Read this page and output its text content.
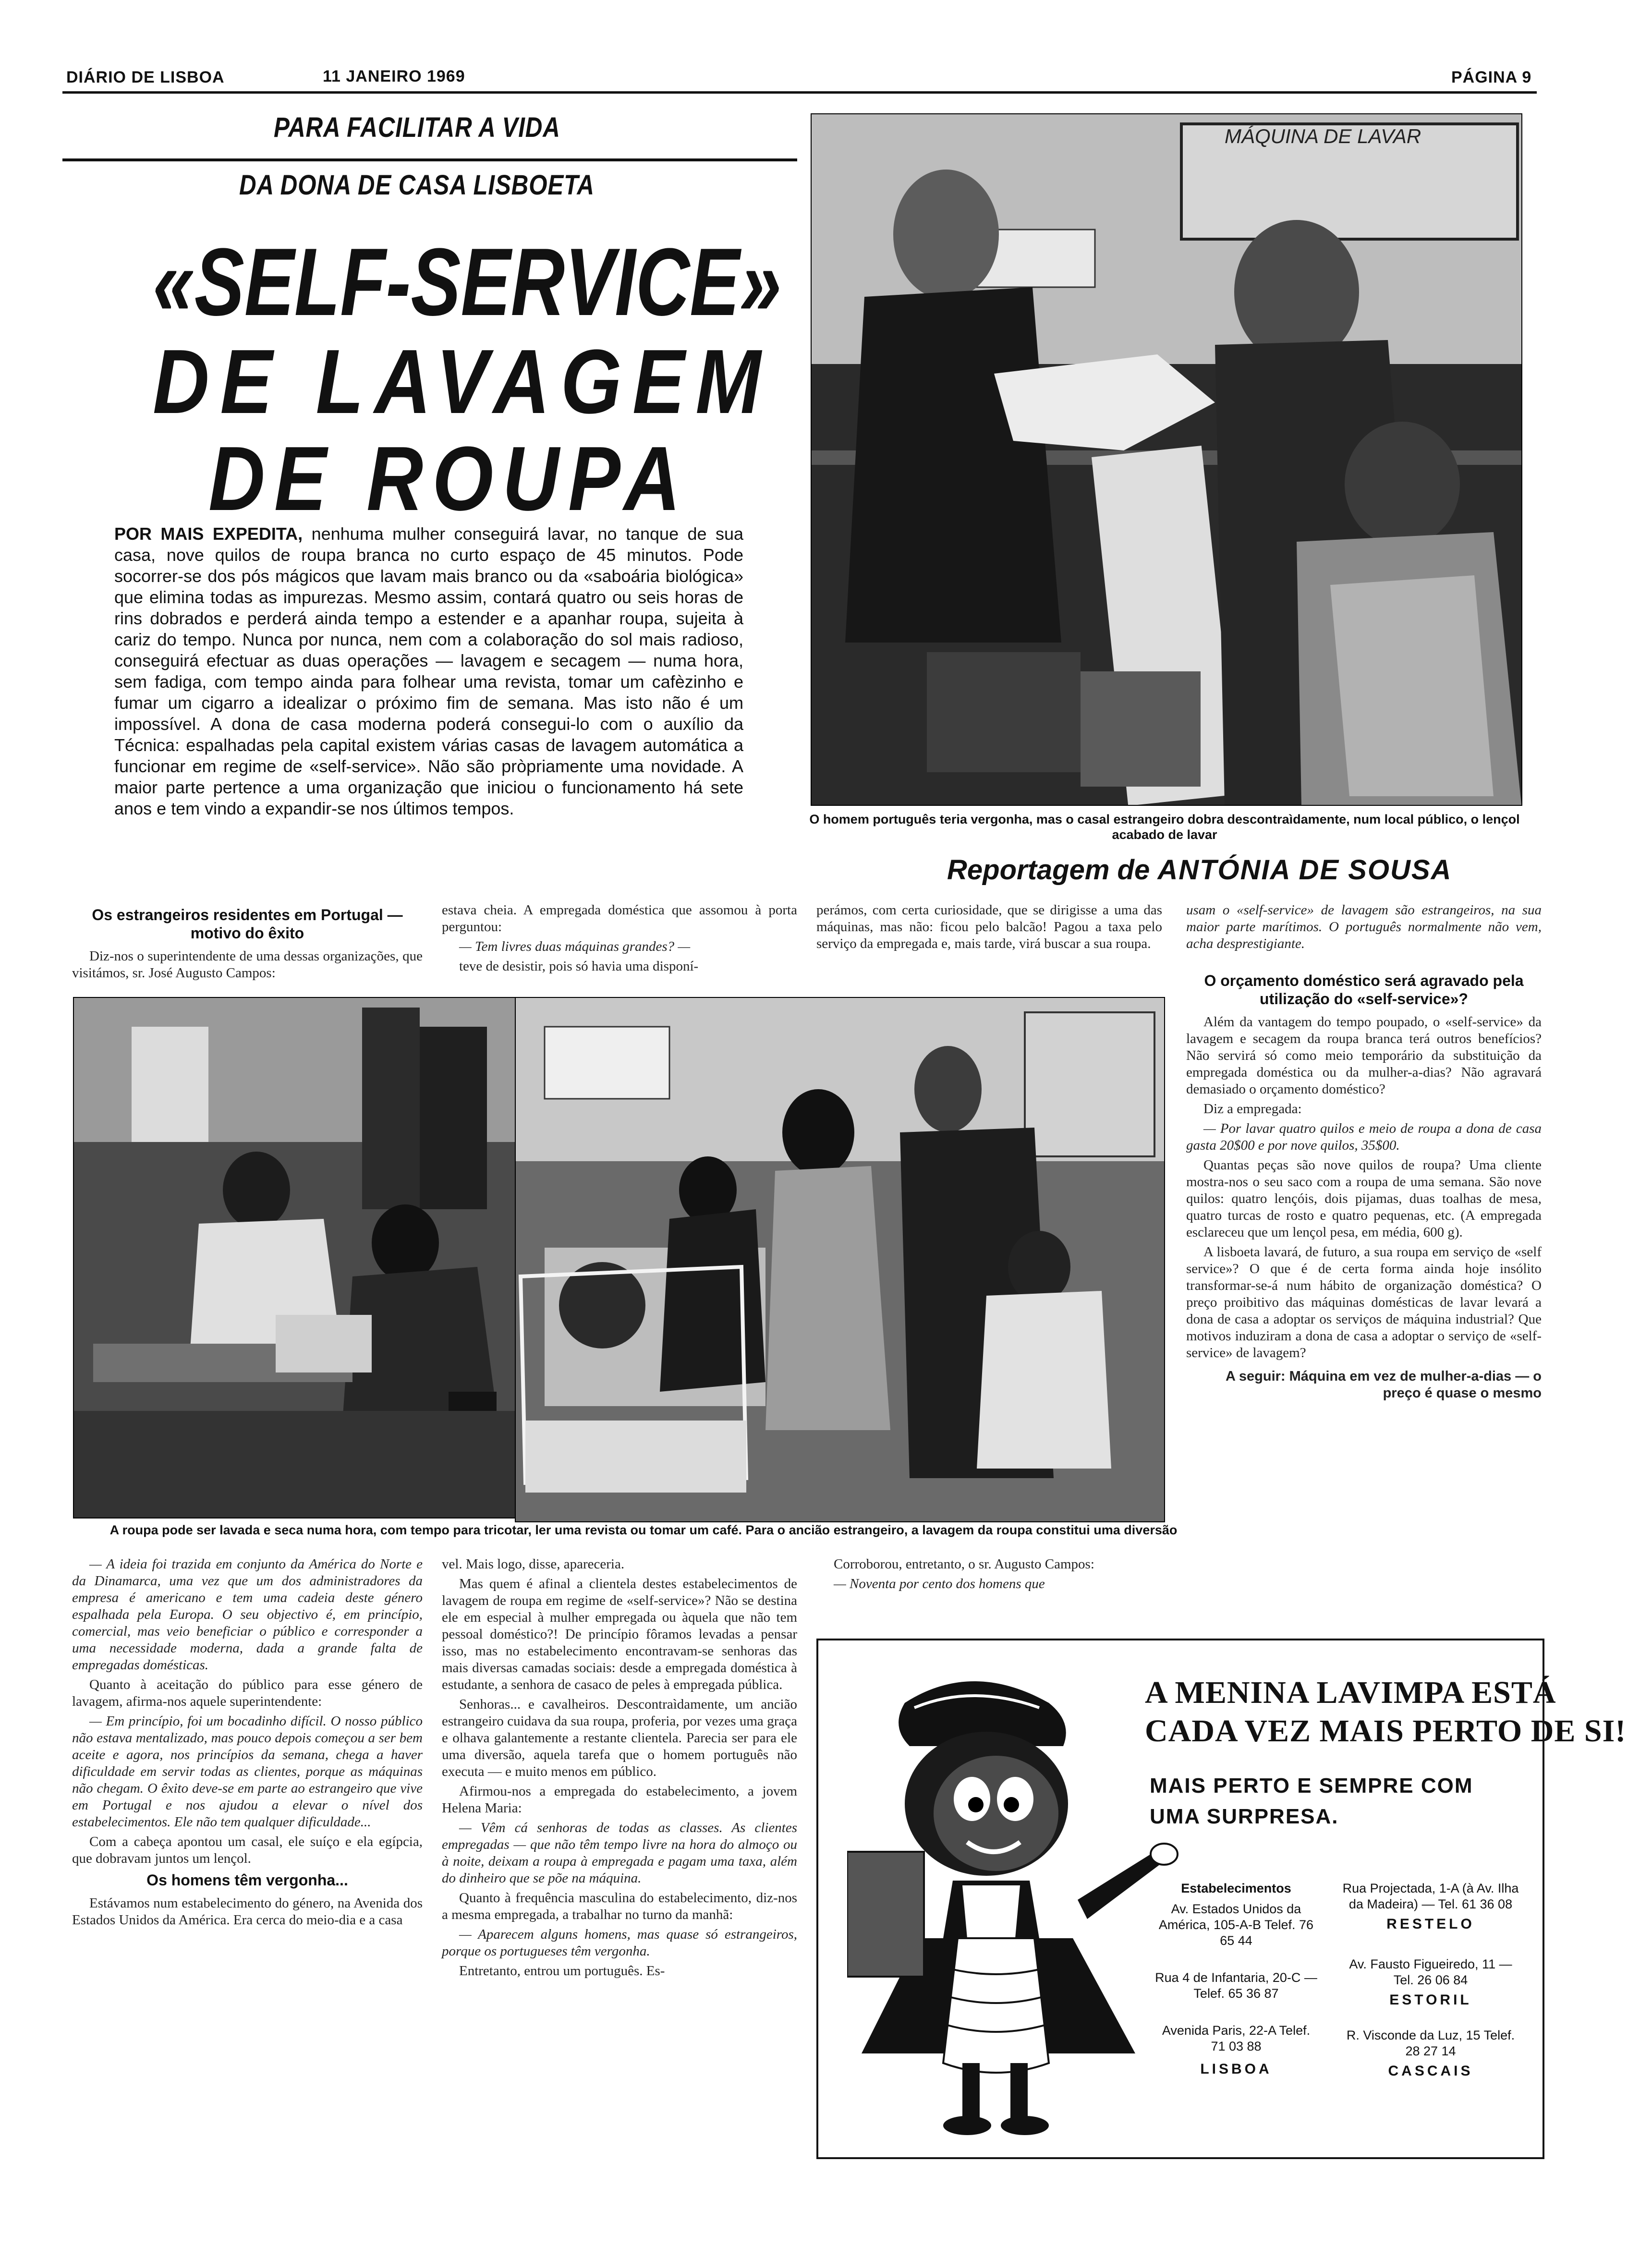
DIÁRIO DE LISBOA	11 JANEIRO 1969	PÁGINA 9
PARA FACILITAR A VIDA
DA DONA DE CASA LISBOETA
«SELF-SERVICE»
DE LAVAGEM
DE ROUPA
POR MAIS EXPEDITA, nenhuma mulher conseguirá lavar, no tanque de sua casa, nove quilos de roupa branca no curto espaço de 45 minutos. Pode socorrer-se dos pós mágicos que lavam mais branco ou da «saboária biológica» que elimina todas as impurezas. Mesmo assim, contará quatro ou seis horas de rins dobrados e perderá ainda tempo a estender e a apanhar roupa, sujeita à cariz do tempo. Nunca por nunca, nem com a colaboração do sol mais radioso, conseguirá efectuar as duas operações — lavagem e secagem — numa hora, sem fadiga, com tempo ainda para folhear uma revista, tomar um cafèzinho e fumar um cigarro a idealizar o próximo fim de semana. Mas isto não é um impossível. A dona de casa moderna poderá consegui-lo com o auxílio da Técnica: espalhadas pela capital existem várias casas de lavagem automática a funcionar em regime de «self-service». Não são pròpriamente uma novidade. A maior parte pertence a uma organização que iniciou o funcionamento há sete anos e tem vindo a expandir-se nos últimos tempos.
MÁQUINA DE LAVAR
O homem português teria vergonha, mas o casal estrangeiro dobra descontraìdamente, num local público, o lençol acabado de lavar
Reportagem de ANTÓNIA DE SOUSA
Os estrangeiros residentes em Portugal — motivo do êxito

Diz-nos o superintendente de uma dessas organizações, que visitámos, sr. José Augusto Campos:

estava cheia. A empregada doméstica que assomou à porta perguntou:

— Tem livres duas máquinas grandes? —

teve de desistir, pois só havia uma disponí-

perámos, com certa curiosidade, que se dirigisse a uma das máquinas, mas não: ficou pelo balcão! Pagou a taxa pelo serviço da empregada e, mais tarde, virá buscar a sua roupa.

usam o «self-service» de lavagem são estrangeiros, na sua maior parte marítimos. O português normalmente não vem, acha desprestigiante.

O orçamento doméstico será agravado pela utilização do «self-service»?

Além da vantagem do tempo poupado, o «self-service» da lavagem e secagem da roupa branca terá outros benefícios? Não servirá só como meio temporário da substituição da empregada doméstica ou da mulher-a-dias? Não agravará demasiado o orçamento doméstico?

Diz a empregada:

— Por lavar quatro quilos e meio de roupa a dona de casa gasta 20$00 e por nove quilos, 35$00.

Quantas peças são nove quilos de roupa? Uma cliente mostra-nos o seu saco com a roupa de uma semana. São nove quilos: quatro lençóis, dois pijamas, duas toalhas de mesa, quatro turcas de rosto e quatro pequenas, etc. (A empregada esclareceu que um lençol pesa, em média, 600 g).

A lisboeta lavará, de futuro, a sua roupa em serviço de «self service»? O que é de certa forma ainda hoje insólito transformar-se-á num hábito de organização doméstica? O preço proibitivo das máquinas domésticas de lavar levará a dona de casa a adoptar os serviços de máquina industrial? Que motivos induziram a dona de casa a adoptar o serviço de «self-service» de lavagem?

A seguir: Máquina em vez de mulher-a-dias — o preço é quase o mesmo

A roupa pode ser lavada e seca numa hora, com tempo para tricotar, ler uma revista ou tomar um café. Para o ancião estrangeiro, a lavagem da roupa constitui uma diversão

— A ideia foi trazida em conjunto da América do Norte e da Dinamarca, uma vez que um dos administradores da empresa é americano e tem uma cadeia deste género espalhada pela Europa. O seu objectivo é, em princípio, comercial, mas veio beneficiar o público e corresponder a uma necessidade moderna, dada a grande falta de empregadas domésticas.

Quanto à aceitação do público para esse género de lavagem, afirma-nos aquele superintendente:

— Em princípio, foi um bocadinho difícil. O nosso público não estava mentalizado, mas pouco depois começou a ser bem aceite e agora, nos princípios da semana, chega a haver dificuldade em servir todas as clientes, porque as máquinas não chegam. O êxito deve-se em parte ao estrangeiro que vive em Portugal e nos ajudou a elevar o nível dos estabelecimentos. Ele não tem qualquer dificuldade...

Com a cabeça apontou um casal, ele suíço e ela egípcia, que dobravam juntos um lençol.

Os homens têm vergonha...

Estávamos num estabelecimento do género, na Avenida dos Estados Unidos da América. Era cerca do meio-dia e a casa

vel. Mais logo, disse, apareceria.

Mas quem é afinal a clientela destes estabelecimentos de lavagem de roupa em regime de «self-service»? Não se destina ele em especial à mulher empregada ou àquela que não tem pessoal doméstico?! De princípio fôramos levadas a pensar isso, mas no estabelecimento encontravam-se senhoras das mais diversas camadas sociais: desde a empregada doméstica à estudante, a senhora de casaco de peles à empregada pública.

Senhoras... e cavalheiros. Descontraìdamente, um ancião estrangeiro cuidava da sua roupa, proferia, por vezes uma graça e olhava galantemente a restante clientela. Parecia ser para ele uma diversão, aquela tarefa que o homem português não executa — e muito menos em público.

Afirmou-nos a empregada do estabelecimento, a jovem Helena Maria:

— Vêm cá senhoras de todas as classes. As clientes empregadas — que não têm tempo livre na hora do almoço ou à noite, deixam a roupa à empregada e pagam uma taxa, além do dinheiro que se põe na máquina.

Quanto à frequência masculina do estabelecimento, diz-nos a mesma empregada, a trabalhar no turno da manhã:

— Aparecem alguns homens, mas quase só estrangeiros, porque os portugueses têm vergonha.

Entretanto, entrou um português. Es-

Corroborou, entretanto, o sr. Augusto Campos:

— Noventa por cento dos homens que

A MENINA LAVIMPA ESTÁ
CADA VEZ MAIS PERTO DE SI!
MAIS PERTO E SEMPRE COM
UMA SURPRESA.
Estabelecimentos
Av. Estados Unidos da América, 105-A-B Telef. 76 65 44
Rua 4 de Infantaria, 20-C — Telef. 65 36 87
Avenida Paris, 22-A Telef. 71 03 88
LISBOA
Rua Projectada, 1-A (à Av. Ilha da Madeira) — Tel. 61 36 08
RESTELO
Av. Fausto Figueiredo, 11 — Tel. 26 06 84
ESTORIL
R. Visconde da Luz, 15 Telef. 28 27 14
CASCAIS
